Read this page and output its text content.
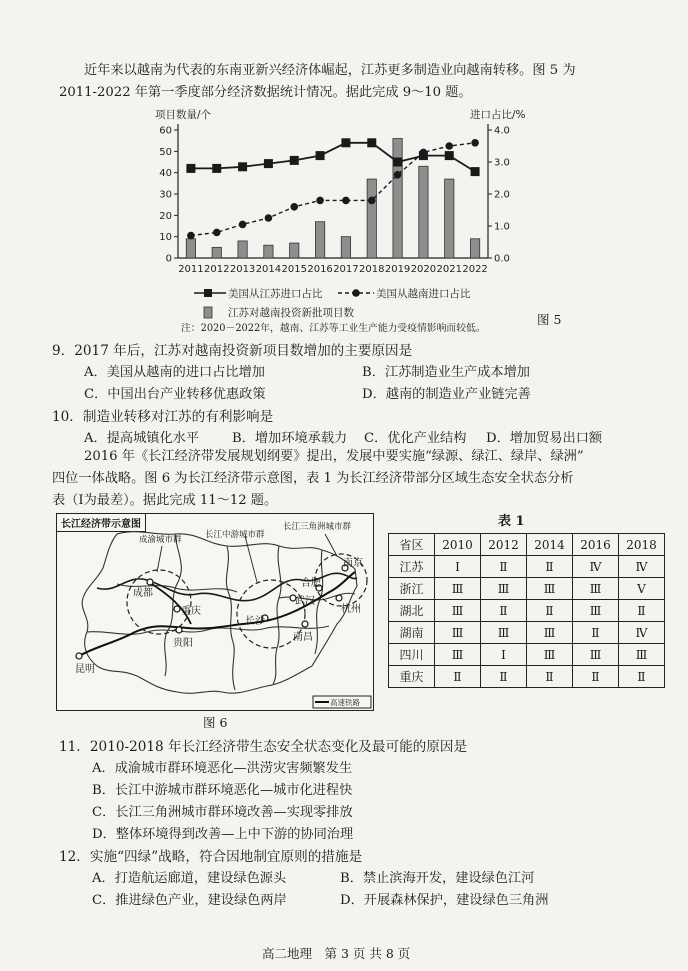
近年来以越南为代表的东南亚新兴经济体崛起，江苏更多制造业向越南转移。图 5 为
2011-2022 年第一季度部分经济数据统计情况。据此完成 9～10 题。
项目数量/个	进口占比/%
0
10
20
30
40
50
60
0.0
1.0
2.0
3.0
4.0
2011 2012 2013 2014 2015 2016 2017 2018 2019 2020 2021 2022
美国从江苏进口占比	美国从越南进口占比
江苏对越南投资新批项目数	图 5
注：2020－2022年，越南、江苏等工业生产能力受疫情影响而较低。
9．2017 年后，江苏对越南投资新项目数增加的主要原因是
A．美国从越南的进口占比增加	B．江苏制造业生产成本增加
C．中国出台产业转移优惠政策	D．越南的制造业产业链完善
10．制造业转移对江苏的有利影响是
A．提高城镇化水平 B．增加环境承载力 C．优化产业结构 D．增加贸易出口额
2016 年《长江经济带发展规划纲要》提出，发展中要实施“绿源、绿江、绿岸、绿洲”
四位一体战略。图 6 为长江经济带示意图，表 1 为长江经济带部分区域生态安全状态分析
表（Ⅰ为最差）。据此完成 11～12 题。
长江经济带示意图
成渝城市群	长江中游城市群
长江三角洲城市群
成都
重庆
贵阳
昆明
武汉
长沙
南昌
合肥
南京
杭州
高速铁路
图 6
表 1
省区	2010	2012	2014	2016	2018
江苏	Ⅰ	Ⅱ	Ⅱ	Ⅳ	Ⅳ
浙江	Ⅲ	Ⅲ	Ⅲ	Ⅲ	Ⅴ
湖北	Ⅲ	Ⅱ	Ⅱ	Ⅲ	Ⅱ
湖南	Ⅲ	Ⅲ	Ⅲ	Ⅱ	Ⅳ
四川	Ⅲ	Ⅰ	Ⅲ	Ⅲ	Ⅲ
重庆	Ⅱ	Ⅱ	Ⅱ	Ⅱ	Ⅱ
11．2010-2018 年长江经济带生态安全状态变化及最可能的原因是
A．成渝城市群环境恶化—洪涝灾害频繁发生
B．长江中游城市群环境恶化—城市化进程快
C．长江三角洲城市群环境改善—实现零排放
D．整体环境得到改善—上中下游的协同治理
12．实施“四绿”战略，符合因地制宜原则的措施是
A．打造航运廊道，建设绿色源头	B．禁止滨海开发，建设绿色江河
C．推进绿色产业，建设绿色两岸	D．开展森林保护，建设绿色三角洲
高二地理　第 3 页 共 8 页
